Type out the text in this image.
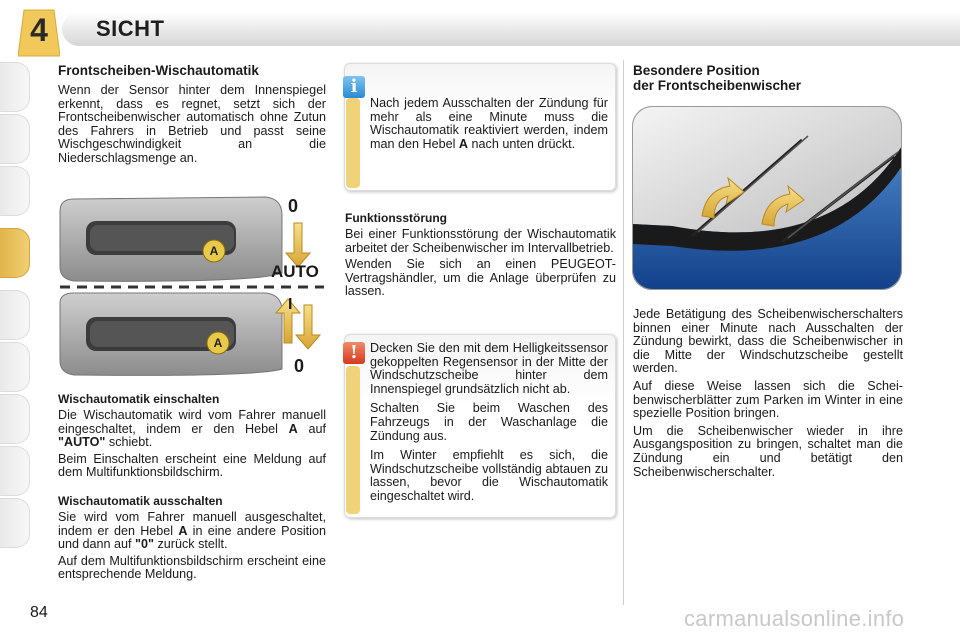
4	SICHT
Frontscheiben-Wischautomatik

Wenn der Sensor hinter dem Innenspiegel erkennt, dass es regnet, setzt sich der Frontscheibenwischer automatisch ohne Zutun des Fahrers in Betrieb und passt seine Wischgeschwindigkeit an die Niederschlagsmenge an.

A
A
0
AUTO
I
0
Wischautomatik einschalten

Die Wischautomatik wird vom Fahrer manuell eingeschaltet, indem er den Hebel A auf "AUTO" schiebt.

Beim Einschalten erscheint eine Meldung auf dem Multifunktionsbildschirm.

Wischautomatik ausschalten

Sie wird vom Fahrer manuell ausgeschaltet, indem er den Hebel A in eine andere Position und dann auf "0" zurück stellt.

Auf dem Multifunktionsbildschirm erscheint eine entsprechende Meldung.

i

Nach jedem Ausschalten der Zündung für mehr als eine Minute muss die Wischautomatik reaktiviert werden, indem man den Hebel A nach unten drückt.

Funktionsstörung

Bei einer Funktionsstörung der Wischautomatik arbeitet der Scheibenwischer im Intervallbetrieb.

Wenden Sie sich an einen PEUGEOT-Vertragshändler, um die Anlage überprüfen zu lassen.

! Decken Sie den mit dem Helligkeitssensor gekoppelten Regensensor in der Mitte der Windschutzscheibe hinter dem Innenspiegel grundsätzlich nicht ab.

Schalten Sie beim Waschen des Fahrzeugs in der Waschanlage die Zündung aus.

Im Winter empfiehlt es sich, die Windschutzscheibe vollständig abtauen zu lassen, bevor die Wischautomatik eingeschaltet wird.

Besondere Position
der Frontscheibenwischer

Jede Betätigung des Scheibenwischerschalters binnen einer Minute nach Ausschalten der Zündung bewirkt, dass die Scheibenwischer in die Mitte der Windschutzscheibe gestellt werden.

Auf diese Weise lassen sich die Scheibenwischerblätter zum Parken im Winter in eine spezielle Position bringen.

Um die Scheibenwischer wieder in ihre Ausgangsposition zu bringen, schaltet man die Zündung ein und betätigt den Scheibenwischerschalter.

84	carmanualsonline.info
